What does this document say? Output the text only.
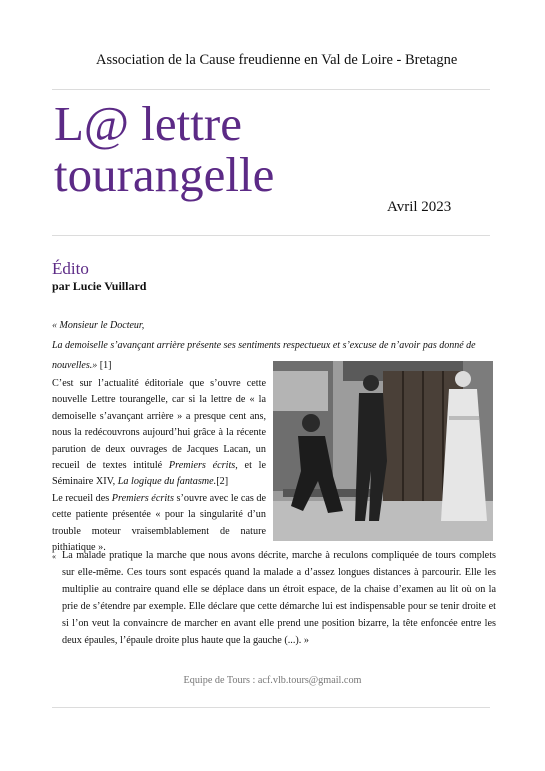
Association de la Cause freudienne en Val de Loire - Bretagne
L@ lettre
tourangelle
Avril 2023
Édito
par Lucie Vuillard
« Monsieur le Docteur,
La demoiselle s’avançant arrière présente ses sentiments respectueux et s’excuse de n’avoir pas donné de nouvelles.» [1]

C’est sur l’actualité éditoriale que s’ouvre cette nouvelle Lettre tourangelle, car si la lettre de « la demoiselle s’avançant arrière » a presque cent ans, nous la redécouvrons aujourd’hui grâce à la récente parution de deux ouvrages de Jacques Lacan, un recueil de textes intitulé Premiers écrits, et le Séminaire XIV, La logique du fantasme.[2]

Le recueil des Premiers écrits s’ouvre avec le cas de cette patiente présentée « pour la singularité d’un trouble moteur vraisemblablement de nature pithiatique ».

« La malade pratique la marche que nous avons décrite, marche à reculons compliquée de tours complets sur elle-même. Ces tours sont espacés quand la malade a d’assez longues distances à parcourir. Elle les multiplie au contraire quand elle se déplace dans un étroit espace, de la chaise d’examen au lit où on la prie de s’étendre par exemple. Elle déclare que cette démarche lui est indispensable pour se tenir droite et si l’on veut la convaincre de marcher en avant elle prend une position bizarre, la tête enfoncée entre les deux épaules, l’épaule droite plus haute que la gauche (...). »
Equipe de Tours : acf.vlb.tours@gmail.com
